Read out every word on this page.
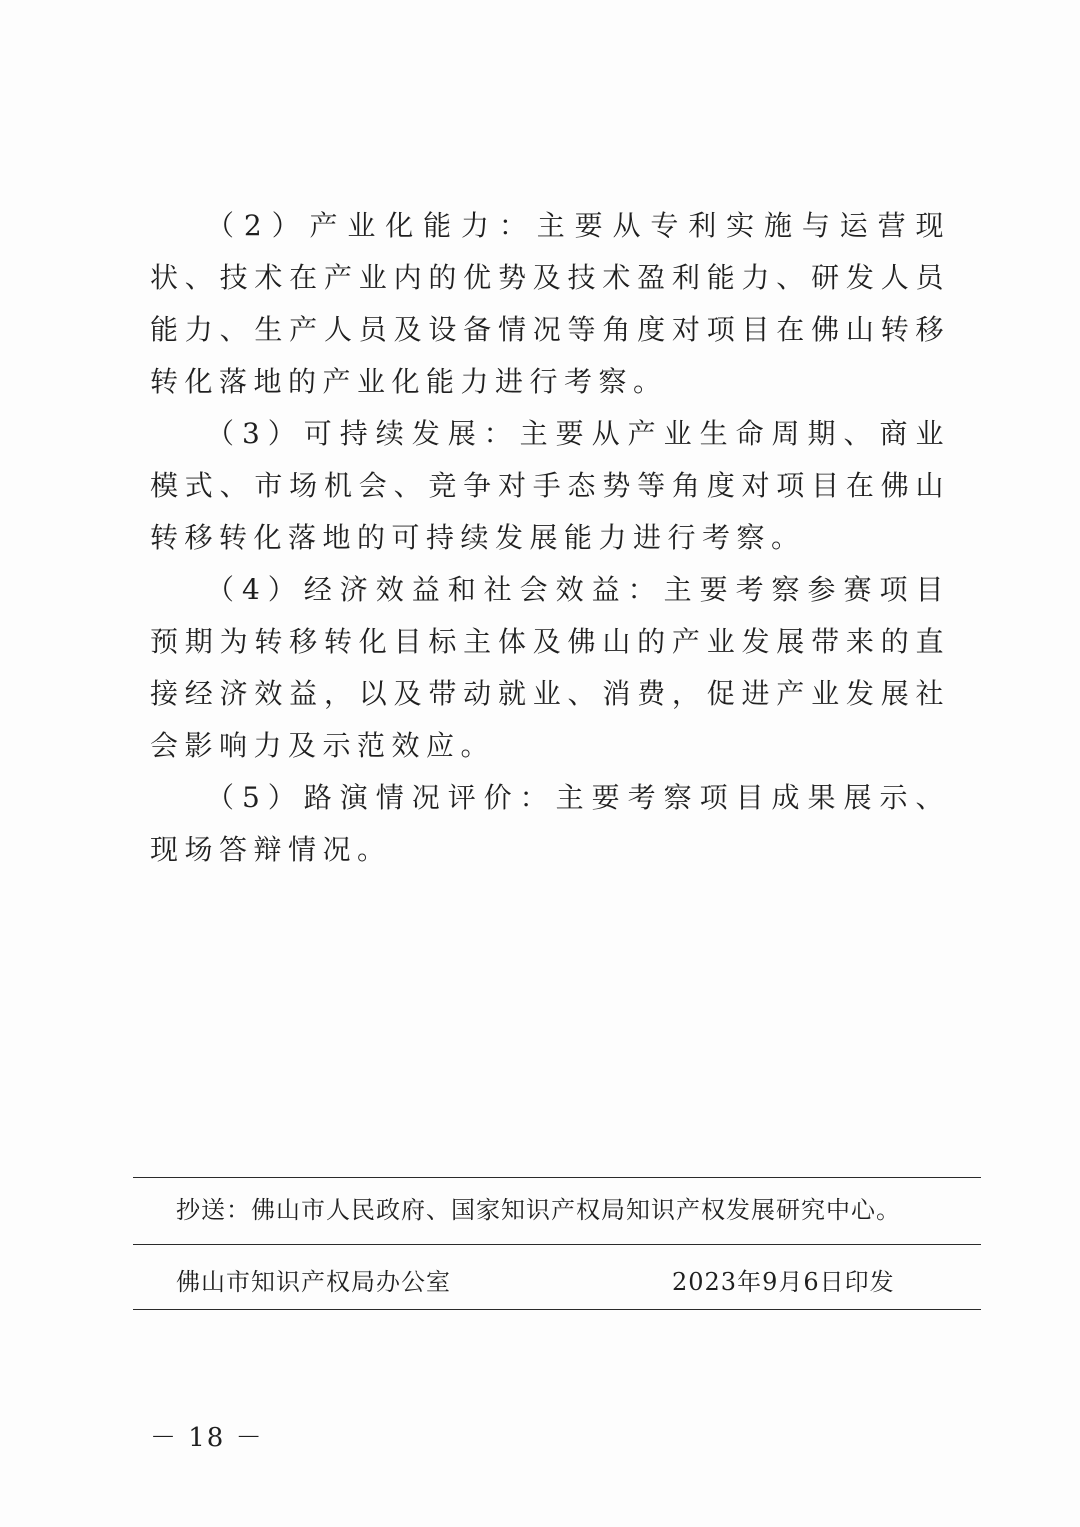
（2）产业化能力：主要从专利实施与运营现状、技术在产业内的优势及技术盈利能力、研发人员能力、生产人员及设备情况等角度对项目在佛山转移转化落地的产业化能力进行考察。

（3）可持续发展：主要从产业生命周期、商业模式、市场机会、竞争对手态势等角度对项目在佛山转移转化落地的可持续发展能力进行考察。

（4）经济效益和社会效益：主要考察参赛项目预期为转移转化目标主体及佛山的产业发展带来的直接经济效益，以及带动就业、消费，促进产业发展社会影响力及示范效应。

（5）路演情况评价：主要考察项目成果展示、现场答辩情况。

抄送：佛山市人民政府、国家知识产权局知识产权发展研究中心。
佛山市知识产权局办公室	2023年9月6日印发
－ 18 －
